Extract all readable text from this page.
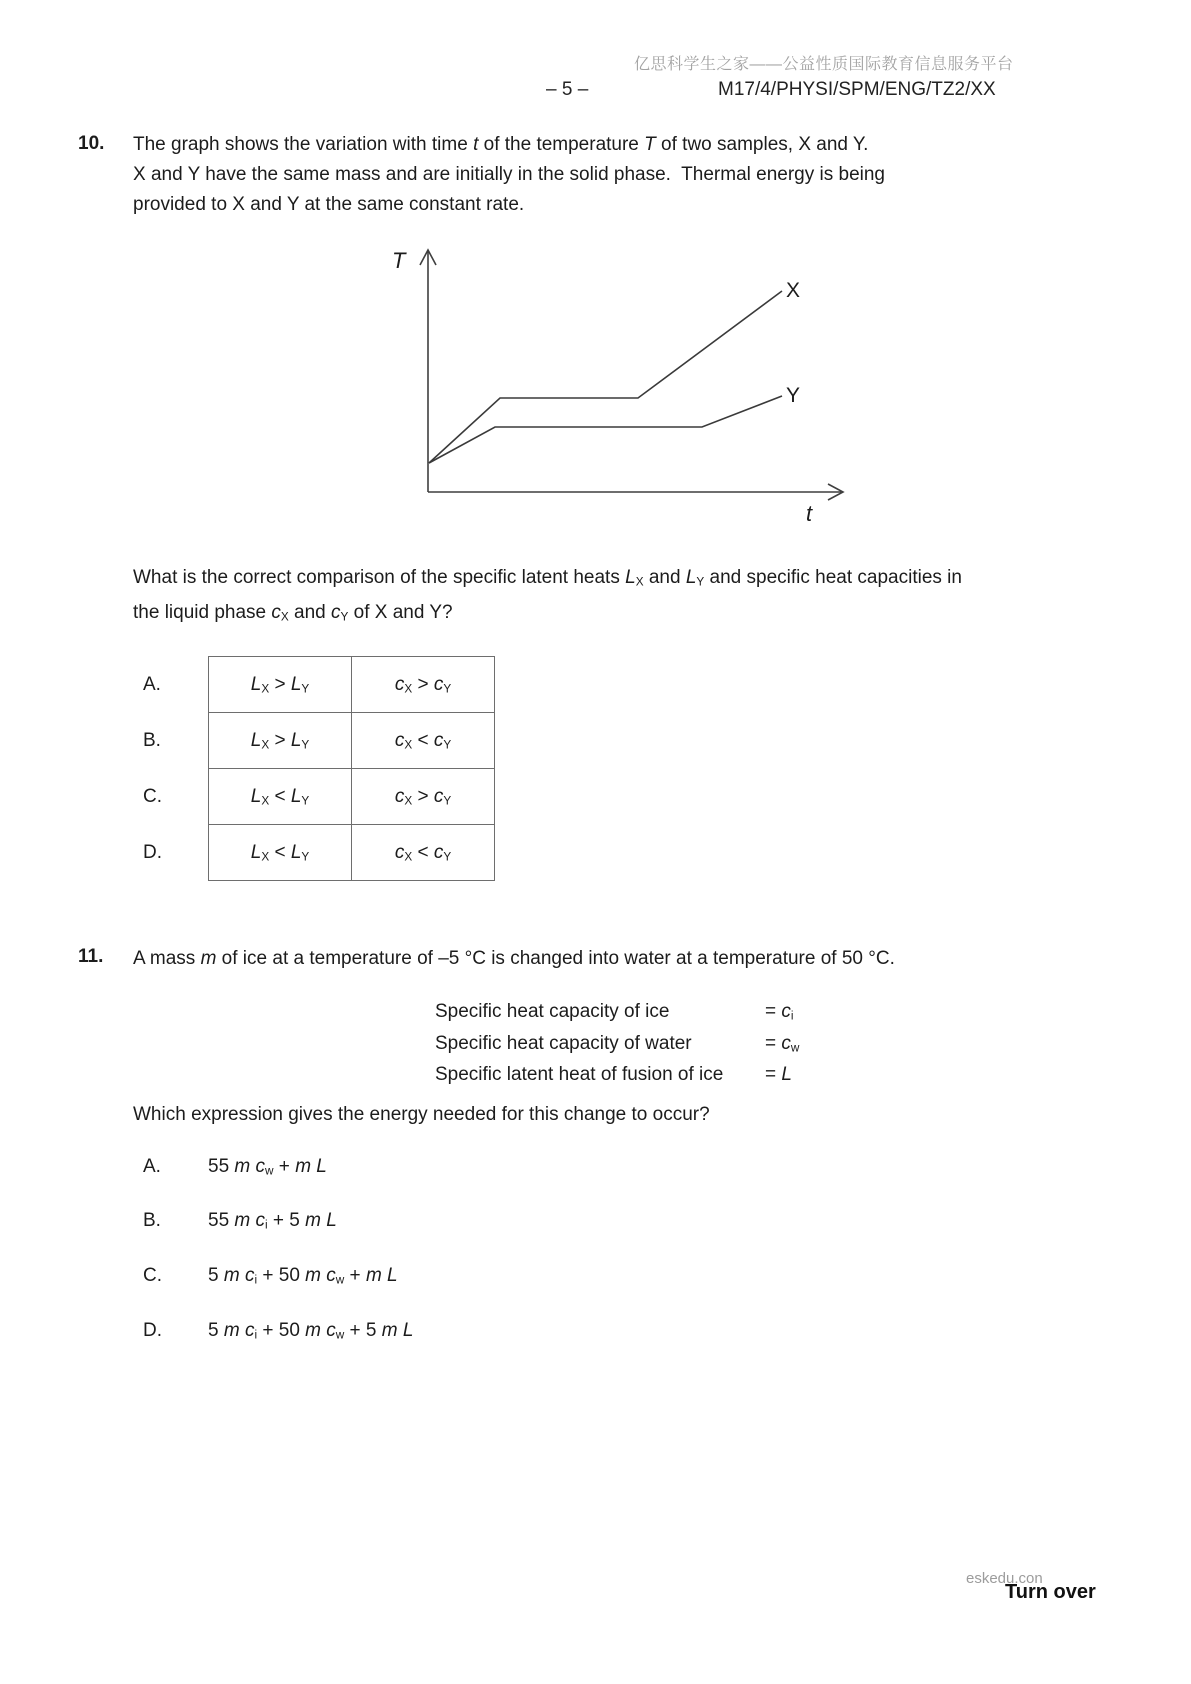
亿思科学生之家——公益性质国际教育信息服务平台
– 5 –	M17/4/PHYSI/SPM/ENG/TZ2/XX
10. The graph shows the variation with time t of the temperature T of two samples, X and Y.
X and Y have the same mass and are initially in the solid phase.  Thermal energy is being
provided to X and Y at the same constant rate.
T
t
X
Y
What is the correct comparison of the specific latent heats LX and LY and specific heat capacities in
the liquid phase cX and cY of X and Y?
A.	LX > LY	cX > cY
B.	LX > LY	cX < cY
C.	LX < LY	cX > cY
D.	LX < LY	cX < cY
11. A mass m of ice at a temperature of –5 °C is changed into water at a temperature of 50 °C.
Specific heat capacity of ice	= ci
Specific heat capacity of water	= cw
Specific latent heat of fusion of ice	= L
Which expression gives the energy needed for this change to occur?
A.	55 m cw + m L
B.	55 m ci + 5 m L
C.	5 m ci + 50 m cw + m L
D.	5 m ci + 50 m cw + 5 m L
eskedu.con
Turn over
